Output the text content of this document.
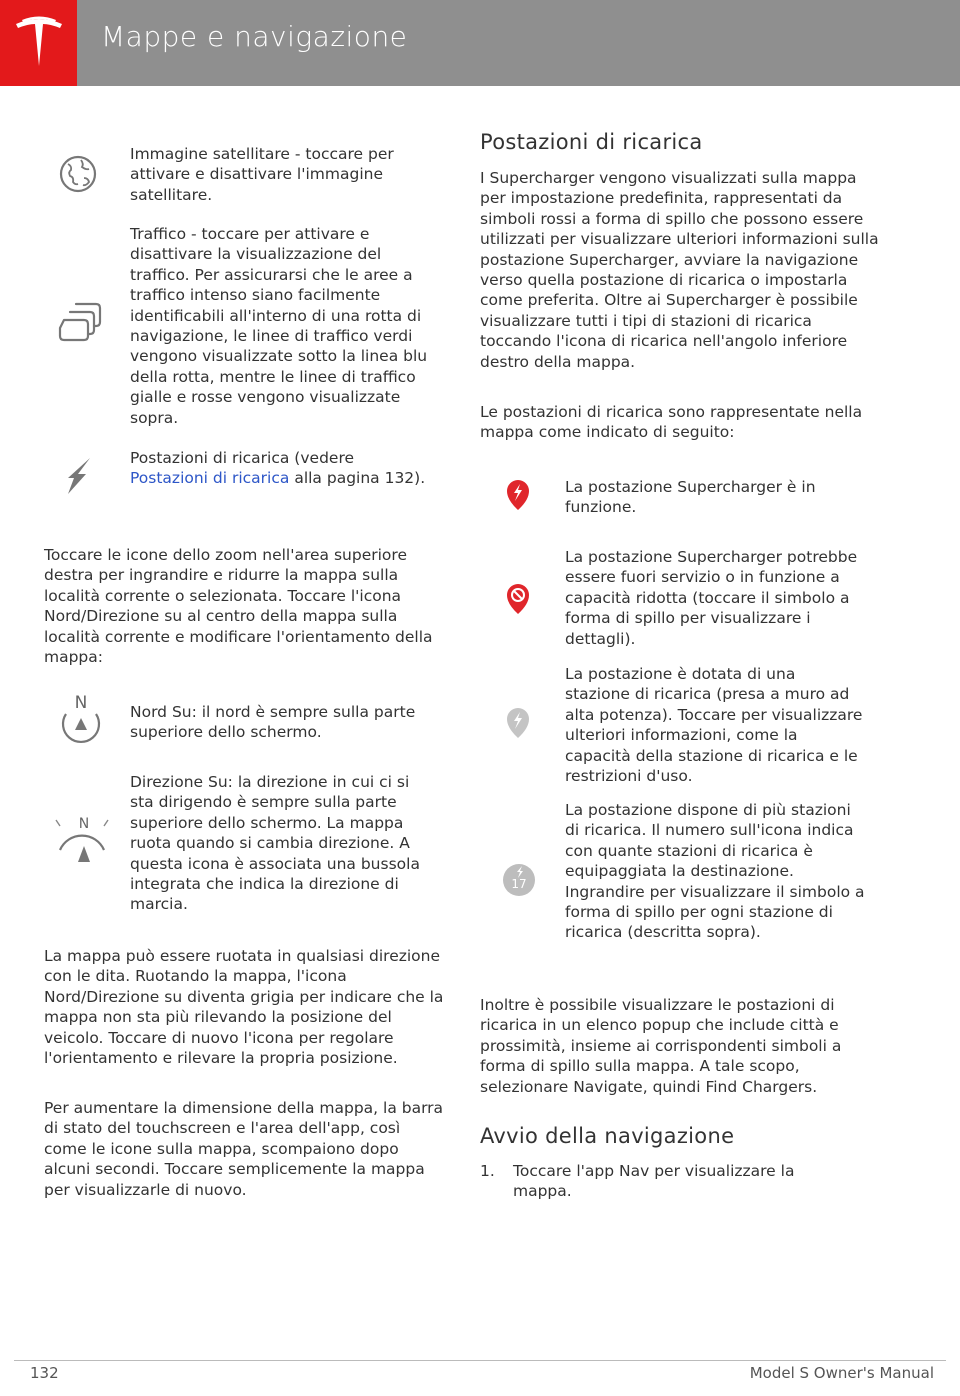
Mappe e navigazione

Immagine satellitare - toccare per attivare e disattivare l'immagine satellitare.

Traffico - toccare per attivare e disattivare la visualizzazione del traffico. Per assicurarsi che le aree a traffico intenso siano facilmente identificabili all'interno di una rotta di navigazione, le linee di traffico verdi vengono visualizzate sotto la linea blu della rotta, mentre le linee di traffico gialle e rosse vengono visualizzate sopra.

Postazioni di ricarica (vedere Postazioni di ricarica alla pagina 132).

Toccare le icone dello zoom nell'area superiore destra per ingrandire e ridurre la mappa sulla località corrente o selezionata. Toccare l'icona Nord/Direzione su al centro della mappa sulla località corrente e modificare l'orientamento della mappa:

N	Nord Su: il nord è sempre sulla parte superiore dello schermo.

N

Direzione Su: la direzione in cui ci si sta dirigendo è sempre sulla parte superiore dello schermo. La mappa ruota quando si cambia direzione. A questa icona è associata una bussola integrata che indica la direzione di marcia.

La mappa può essere ruotata in qualsiasi direzione con le dita. Ruotando la mappa, l'icona Nord/Direzione su diventa grigia per indicare che la mappa non sta più rilevando la posizione del veicolo. Toccare di nuovo l'icona per regolare l'orientamento e rilevare la propria posizione.

Per aumentare la dimensione della mappa, la barra di stato del touchscreen e l'area dell'app, così come le icone sulla mappa, scompaiono dopo alcuni secondi. Toccare semplicemente la mappa per visualizzarle di nuovo.

Postazioni di ricarica

I Supercharger vengono visualizzati sulla mappa per impostazione predefinita, rappresentati da simboli rossi a forma di spillo che possono essere utilizzati per visualizzare ulteriori informazioni sulla postazione Supercharger, avviare la navigazione verso quella postazione di ricarica o impostarla come preferita. Oltre ai Supercharger è possibile visualizzare tutti i tipi di stazioni di ricarica toccando l'icona di ricarica nell'angolo inferiore destro della mappa.

Le postazioni di ricarica sono rappresentate nella mappa come indicato di seguito:

La postazione Supercharger è in funzione.

La postazione Supercharger potrebbe essere fuori servizio o in funzione a capacità ridotta (toccare il simbolo a forma di spillo per visualizzare i dettagli).

La postazione è dotata di una stazione di ricarica (presa a muro ad alta potenza). Toccare per visualizzare ulteriori informazioni, come la capacità della stazione di ricarica e le restrizioni d'uso.

17

La postazione dispone di più stazioni di ricarica. Il numero sull'icona indica con quante stazioni di ricarica è equipaggiata la destinazione. Ingrandire per visualizzare il simbolo a forma di spillo per ogni stazione di ricarica (descritta sopra).

Inoltre è possibile visualizzare le postazioni di ricarica in un elenco popup che include città e prossimità, insieme ai corrispondenti simboli a forma di spillo sulla mappa. A tale scopo, selezionare Navigate, quindi Find Chargers.

Avvio della navigazione
1. Toccare l'app Nav per visualizzare la mappa.
132	Model S Owner's Manual
